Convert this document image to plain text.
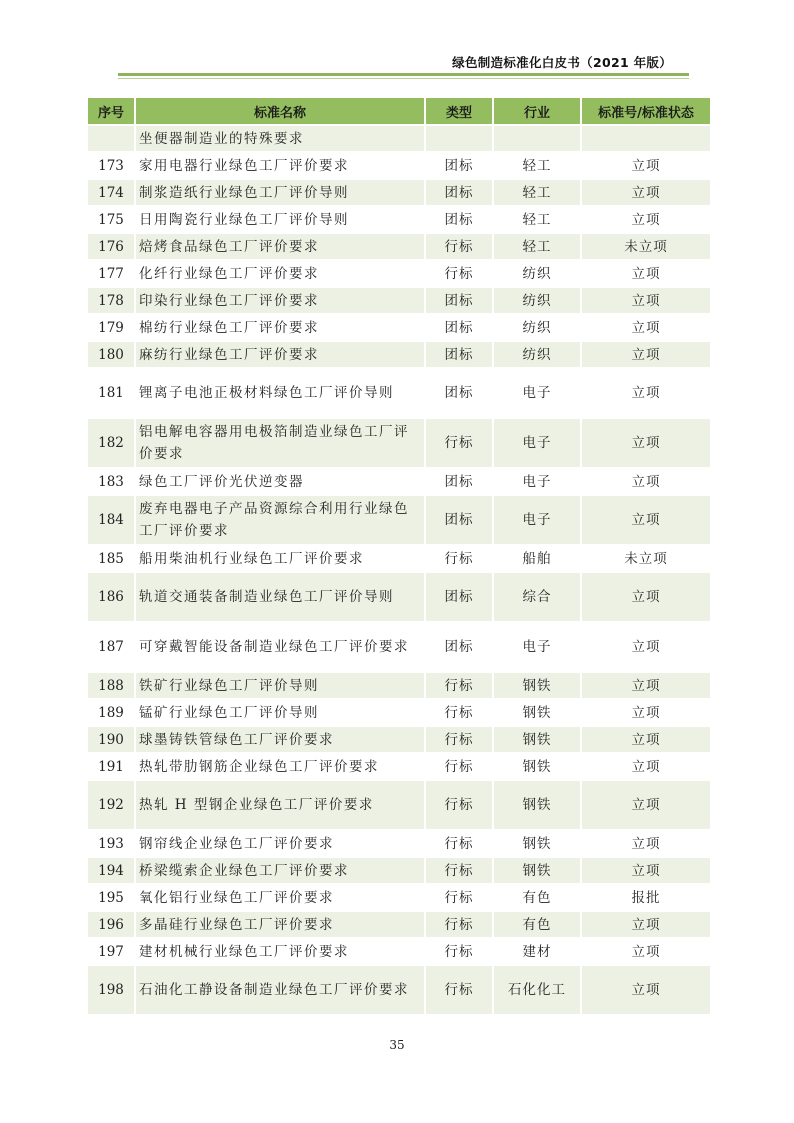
绿色制造标准化白皮书（2021 年版）
序号	标准名称	类型	行业	标准号/标准状态
	坐便器制造业的特殊要求			
173	家用电器行业绿色工厂评价要求	团标	轻工	立项
174	制浆造纸行业绿色工厂评价导则	团标	轻工	立项
175	日用陶瓷行业绿色工厂评价导则	团标	轻工	立项
176	焙烤食品绿色工厂评价要求	行标	轻工	未立项
177	化纤行业绿色工厂评价要求	行标	纺织	立项
178	印染行业绿色工厂评价要求	团标	纺织	立项
179	棉纺行业绿色工厂评价要求	团标	纺织	立项
180	麻纺行业绿色工厂评价要求	团标	纺织	立项
181	锂离子电池正极材料绿色工厂评价导则	团标	电子	立项
182	铝电解电容器用电极箔制造业绿色工厂评价要求	行标	电子	立项
183	绿色工厂评价光伏逆变器	团标	电子	立项
184	废弃电器电子产品资源综合利用行业绿色工厂评价要求	团标	电子	立项
185	船用柴油机行业绿色工厂评价要求	行标	船舶	未立项
186	轨道交通装备制造业绿色工厂评价导则	团标	综合	立项
187	可穿戴智能设备制造业绿色工厂评价要求	团标	电子	立项
188	铁矿行业绿色工厂评价导则	行标	钢铁	立项
189	锰矿行业绿色工厂评价导则	行标	钢铁	立项
190	球墨铸铁管绿色工厂评价要求	行标	钢铁	立项
191	热轧带肋钢筋企业绿色工厂评价要求	行标	钢铁	立项
192	热轧 H 型钢企业绿色工厂评价要求	行标	钢铁	立项
193	钢帘线企业绿色工厂评价要求	行标	钢铁	立项
194	桥梁缆索企业绿色工厂评价要求	行标	钢铁	立项
195	氧化铝行业绿色工厂评价要求	行标	有色	报批
196	多晶硅行业绿色工厂评价要求	行标	有色	立项
197	建材机械行业绿色工厂评价要求	行标	建材	立项
198	石油化工静设备制造业绿色工厂评价要求	行标	石化化工	立项
35
